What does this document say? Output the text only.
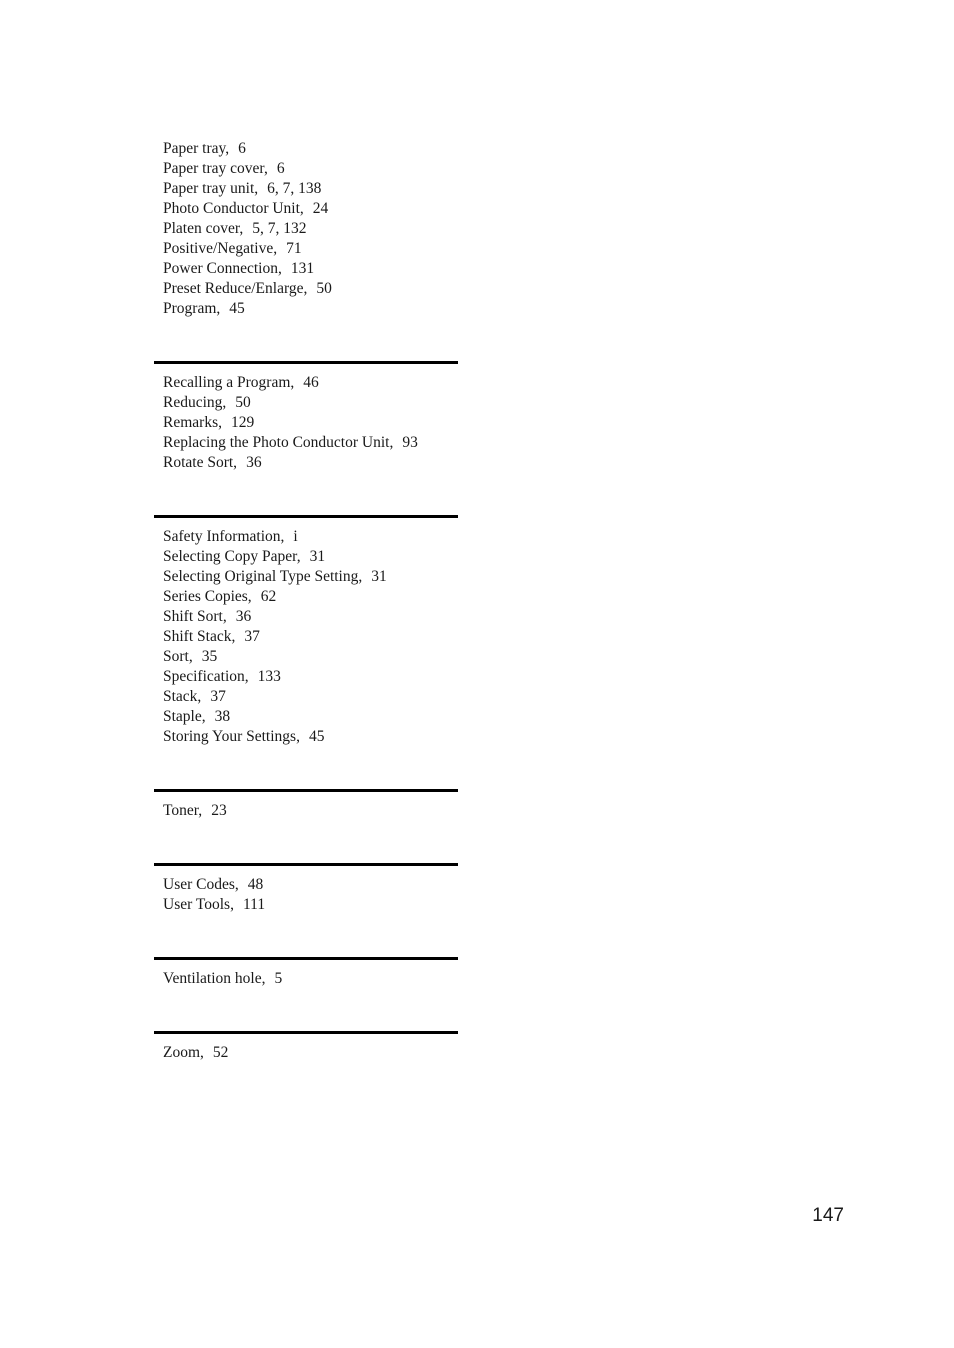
Paper tray, 6
Paper tray cover, 6
Paper tray unit, 6, 7, 138
Photo Conductor Unit, 24
Platen cover, 5, 7, 132
Positive/Negative, 71
Power Connection, 131
Preset Reduce/Enlarge, 50
Program, 45
Recalling a Program, 46
Reducing, 50
Remarks, 129
Replacing the Photo Conductor Unit, 93
Rotate Sort, 36
Safety Information, i
Selecting Copy Paper, 31
Selecting Original Type Setting, 31
Series Copies, 62
Shift Sort, 36
Shift Stack, 37
Sort, 35
Specification, 133
Stack, 37
Staple, 38
Storing Your Settings, 45
Toner, 23
User Codes, 48
User Tools, 111
Ventilation hole, 5
Zoom, 52
147
